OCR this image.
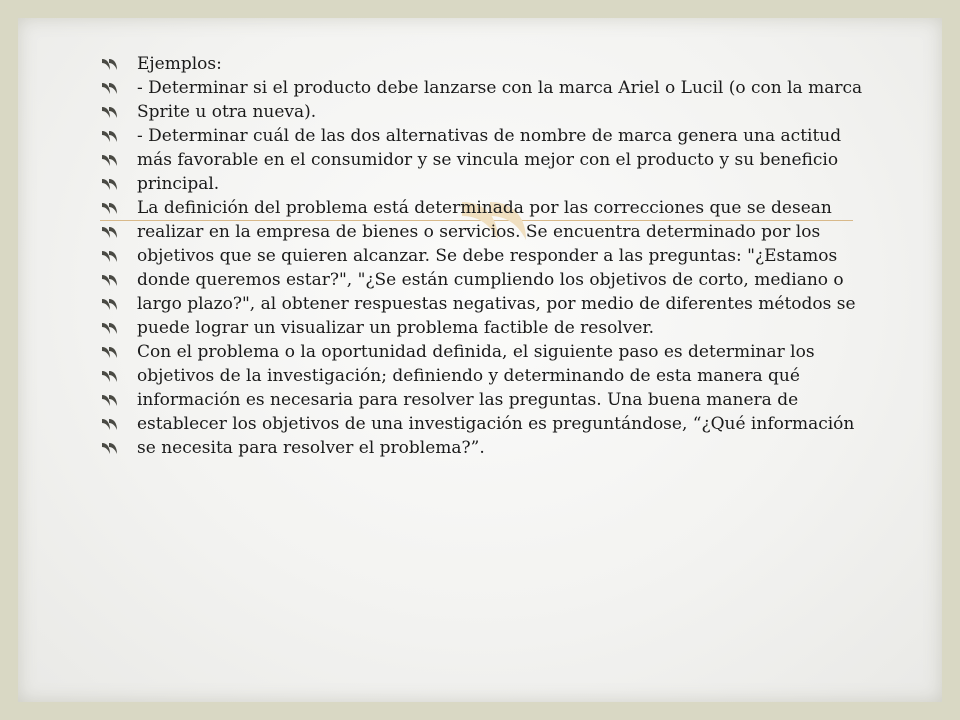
Ejemplos:
- Determinar si el producto debe lanzarse con la marca Ariel o Lucil (o con la marca
Sprite u otra nueva).
- Determinar cuál de las dos alternativas de nombre de marca genera una actitud
más favorable en el consumidor y se vincula mejor con el producto y su beneficio
principal.
La definición del problema está determinada por las correcciones que se desean
realizar en la empresa de bienes o servicios. Se encuentra determinado por los
objetivos que se quieren alcanzar. Se debe responder a las preguntas: "¿Estamos
donde queremos estar?", "¿Se están cumpliendo los objetivos de corto, mediano o
largo plazo?", al obtener respuestas negativas, por medio de diferentes métodos se
puede lograr un visualizar un problema factible de resolver.
Con el problema o la oportunidad definida, el siguiente paso es determinar los
objetivos de la investigación; definiendo y determinando de esta manera qué
información es necesaria para resolver las preguntas. Una buena manera de
establecer los objetivos de una investigación es preguntándose, “¿Qué información
se necesita para resolver el problema?”.
